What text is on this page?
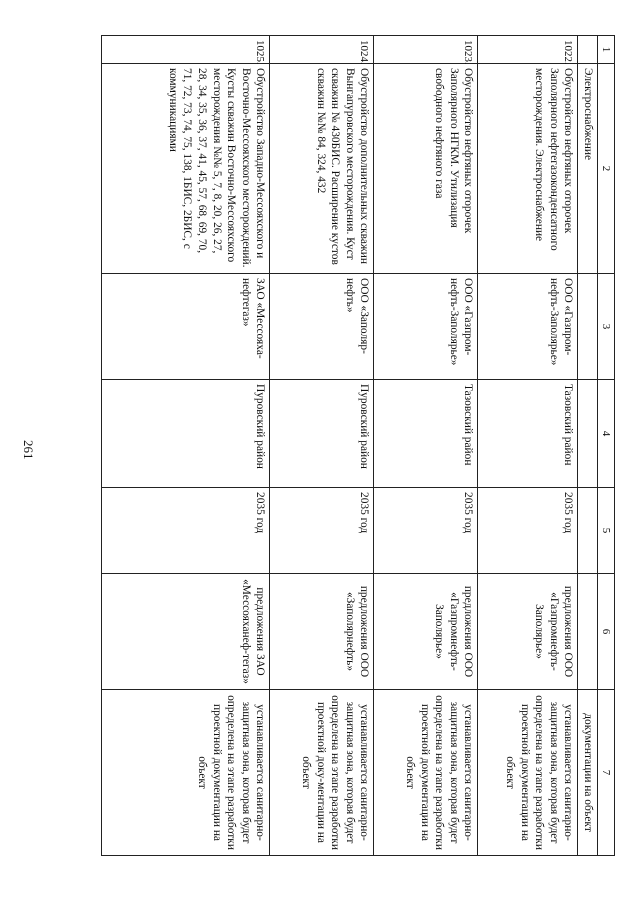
261
1	2	3	4	5	6	7
	Электроснабжение					документации на объект
1022.	Обустройство нефтяных оторочек Заполярного нефтегазоконденсатного месторождения. Электроснабжение	ООО «Газпром-нефть-Заполярье»	Тазовский район	2035 год	предложения ООО «Газпромнефть-Заполярье»	устанавливается санитарно-защитная зона, которая будет определена на этапе разработки проектной документации на объект
1023.	Обустройство нефтяных оторочек Заполярного НГКМ. Утилизация свободного нефтяного газа	ООО «Газпром-нефть-Заполярье»	Тазовский район	2035 год	предложения ООО «Газпромнефть-Заполярье»	устанавливается санитарно-защитная зона, которая будет определена на этапе разработки проектной документации на объект
1024.	Обустройство дополнительных скважин Вынгапуровского месторождения. Куст скважин № 430БИС. Расширение кустов скважин №№ 84, 324, 432	ООО «Заполяр-нефть»	Пуровский район	2035 год	предложения ООО «Заполярнефть»	устанавливается санитарно-защитная зона, которая будет определена на этапе разработки проектной доку-ментации на объект
1025.	Обустройство Западно-Мессояхского и Восточно-Мессояхского месторождений. Кусты скважин Восточно-Мессояхского месторождения №№ 5, 7, 8, 20, 26, 27, 28, 34, 35, 36, 37, 41, 45, 57, 68, 69, 70, 71, 72, 73, 74, 75, 138, 1БИС, 2БИС, с коммуникациями	ЗАО «Мессояха-нефтегаз»	Пуровский район	2035 год	предложения ЗАО «Мессояханеф-тегаз»	устанавливается санитарно-защитная зона, которая будет определена на этапе разработки проектной документации на объект
